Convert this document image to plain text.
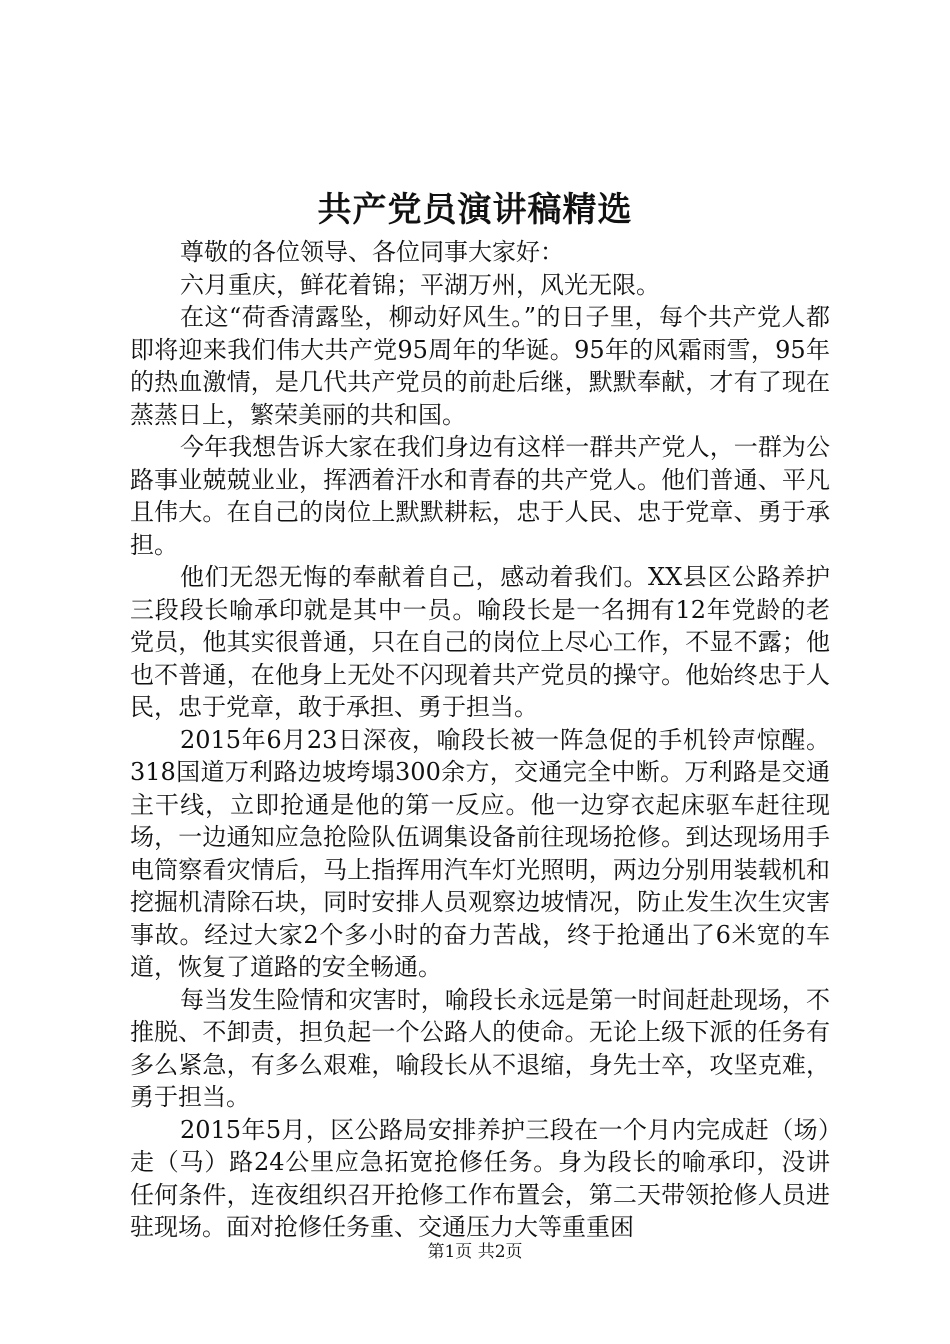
共产党员演讲稿精选

尊敬的各位领导、各位同事大家好：

六月重庆，鲜花着锦；平湖万州，风光无限。

在这“荷香清露坠，柳动好风生。”的日子里，每个共产党人都即将迎来我们伟大共产党95周年的华诞。95年的风霜雨雪，95年的热血激情，是几代共产党员的前赴后继，默默奉献，才有了现在蒸蒸日上，繁荣美丽的共和国。

今年我想告诉大家在我们身边有这样一群共产党人，一群为公路事业兢兢业业，挥洒着汗水和青春的共产党人。他们普通、平凡且伟大。在自己的岗位上默默耕耘，忠于人民、忠于党章、勇于承担。

他们无怨无悔的奉献着自己，感动着我们。XX县区公路养护三段段长喻承印就是其中一员。喻段长是一名拥有12年党龄的老党员，他其实很普通，只在自己的岗位上尽心工作，不显不露；他也不普通，在他身上无处不闪现着共产党员的操守。他始终忠于人民，忠于党章，敢于承担、勇于担当。

2015年6月23日深夜，喻段长被一阵急促的手机铃声惊醒。318国道万利路边坡垮塌300余方，交通完全中断。万利路是交通主干线，立即抢通是他的第一反应。他一边穿衣起床驱车赶往现场，一边通知应急抢险队伍调集设备前往现场抢修。到达现场用手电筒察看灾情后，马上指挥用汽车灯光照明，两边分别用装载机和挖掘机清除石块，同时安排人员观察边坡情况，防止发生次生灾害事故。经过大家2个多小时的奋力苦战，终于抢通出了6米宽的车道，恢复了道路的安全畅通。

每当发生险情和灾害时，喻段长永远是第一时间赶赴现场，不推脱、不卸责，担负起一个公路人的使命。无论上级下派的任务有多么紧急，有多么艰难，喻段长从不退缩，身先士卒，攻坚克难，勇于担当。

2015年5月，区公路局安排养护三段在一个月内完成赶（场）走（马）路24公里应急拓宽抢修任务。身为段长的喻承印，没讲任何条件，连夜组织召开抢修工作布置会，第二天带领抢修人员进驻现场。面对抢修任务重、交通压力大等重重困

第1页 共2页
